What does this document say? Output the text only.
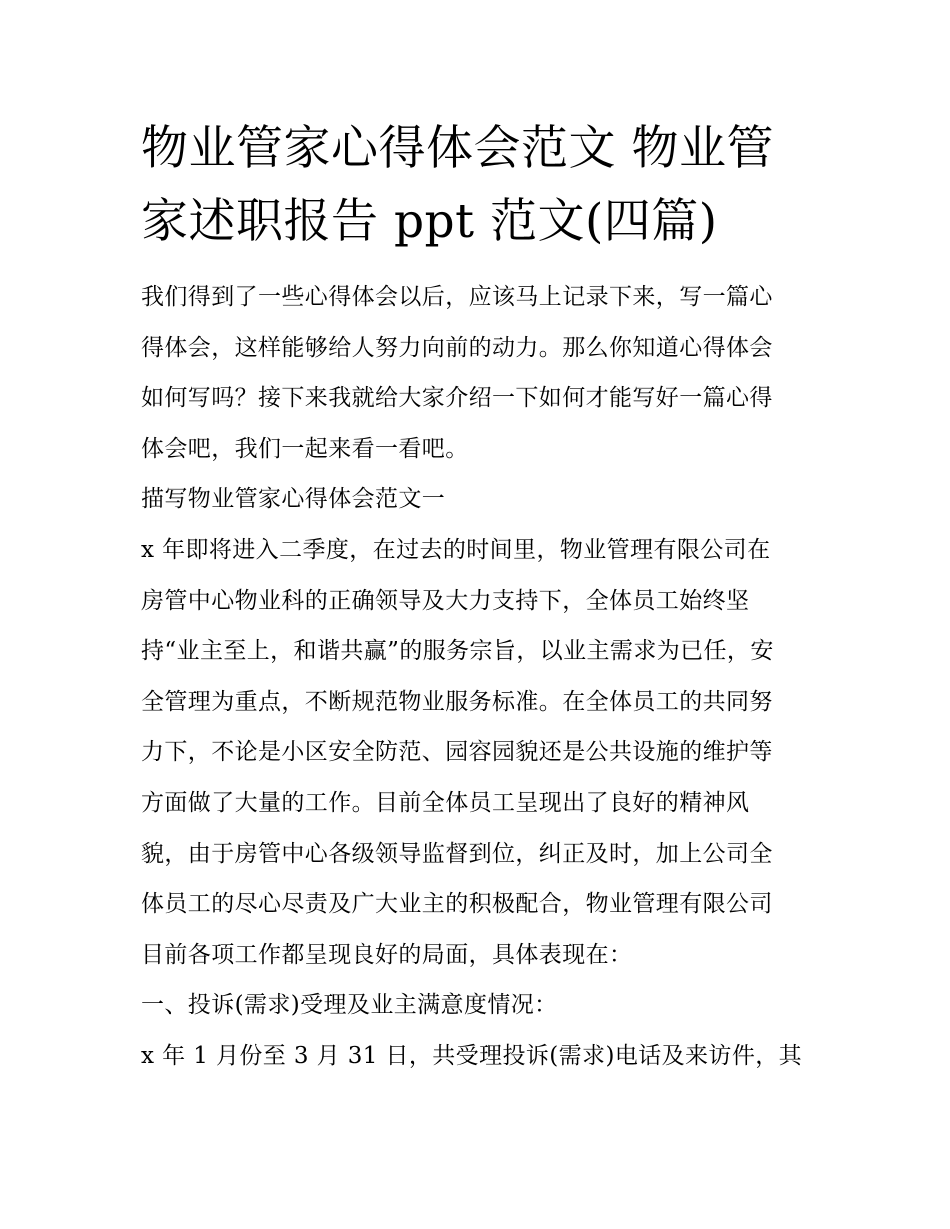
物业管家心得体会范文 物业管
家述职报告 ppt 范文(四篇)

我们得到了一些心得体会以后，应该马上记录下来，写一篇心
得体会，这样能够给人努力向前的动力。那么你知道心得体会
如何写吗？接下来我就给大家介绍一下如何才能写好一篇心得
体会吧，我们一起来看一看吧。

描写物业管家心得体会范文一

x 年即将进入二季度，在过去的时间里，物业管理有限公司在
房管中心物业科的正确领导及大力支持下，全体员工始终坚
持“业主至上，和谐共赢”的服务宗旨，以业主需求为已任，安
全管理为重点，不断规范物业服务标准。在全体员工的共同努
力下，不论是小区安全防范、园容园貌还是公共设施的维护等
方面做了大量的工作。目前全体员工呈现出了良好的精神风
貌，由于房管中心各级领导监督到位，纠正及时，加上公司全
体员工的尽心尽责及广大业主的积极配合，物业管理有限公司
目前各项工作都呈现良好的局面，具体表现在：

一、投诉(需求)受理及业主满意度情况：

x 年 1 月份至 3 月 31 日，共受理投诉(需求)电话及来访件，其
